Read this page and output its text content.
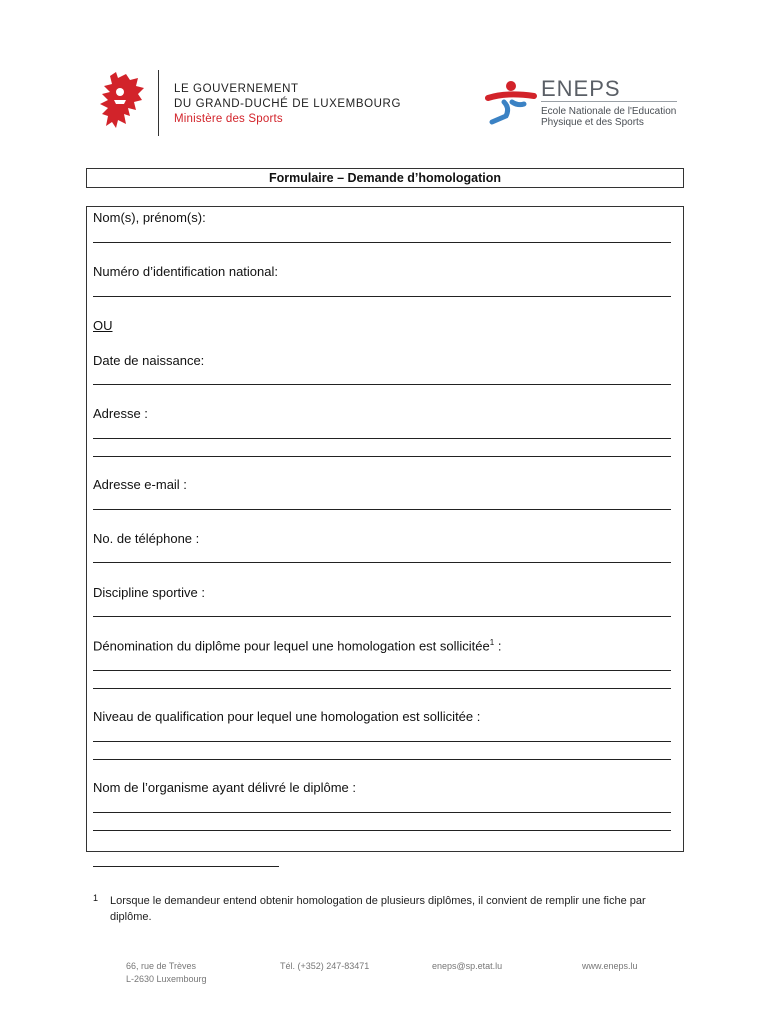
LE GOUVERNEMENT
DU GRAND-DUCHÉ DE LUXEMBOURG
Ministère des Sports
ENEPS
Ecole Nationale de l'Education
Physique et des Sports
Formulaire – Demande d’homologation
Nom(s), prénom(s):
Numéro d’identification national:
OU
Date de naissance:
Adresse :
Adresse e-mail :
No. de téléphone :
Discipline sportive :
Dénomination du diplôme pour lequel une homologation est sollicitée$^1$ :
Niveau de qualification pour lequel une homologation est sollicitée :
Nom de l’organisme ayant délivré le diplôme :
1 Lorsque le demandeur entend obtenir homologation de plusieurs diplômes, il convient de remplir une fiche par diplôme.
66, rue de Trèves
L-2630 Luxembourg
Tél. (+352) 247-83471	eneps@sp.etat.lu	www.eneps.lu
